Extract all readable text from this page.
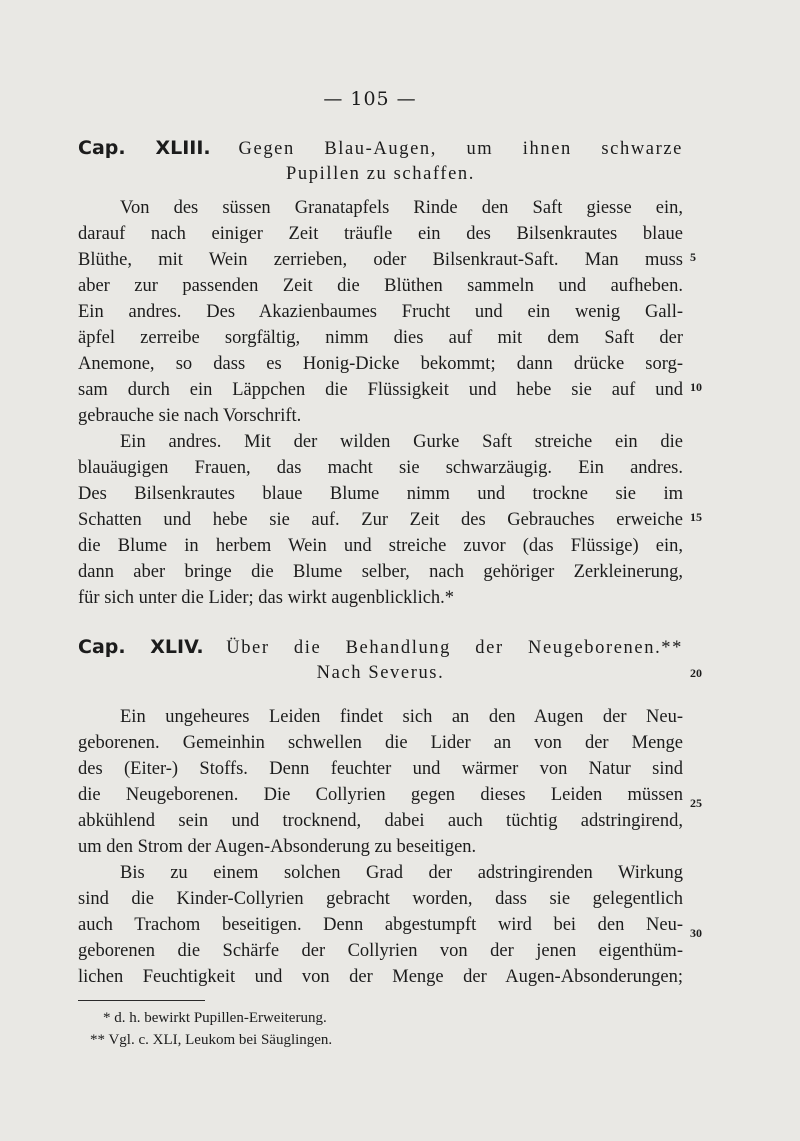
— 105 —
Cap. XLIII. Gegen Blau-Augen, um ihnen schwarze
Pupillen zu schaffen.
Von des süssen Granatapfels Rinde den Saft giesse ein,
darauf nach einiger Zeit träufle ein des Bilsenkrautes blaue
Blüthe, mit Wein zerrieben, oder Bilsenkraut-Saft. Man muss
aber zur passenden Zeit die Blüthen sammeln und aufheben.
Ein andres. Des Akazienbaumes Frucht und ein wenig Gall-
äpfel zerreibe sorgfältig, nimm dies auf mit dem Saft der
Anemone, so dass es Honig-Dicke bekommt; dann drücke sorg-
sam durch ein Läppchen die Flüssigkeit und hebe sie auf und
gebrauche sie nach Vorschrift.
Ein andres. Mit der wilden Gurke Saft streiche ein die
blauäugigen Frauen, das macht sie schwarzäugig. Ein andres.
Des Bilsenkrautes blaue Blume nimm und trockne sie im
Schatten und hebe sie auf. Zur Zeit des Gebrauches erweiche
die Blume in herbem Wein und streiche zuvor (das Flüssige) ein,
dann aber bringe die Blume selber, nach gehöriger Zerkleinerung,
für sich unter die Lider; das wirkt augenblicklich.*
Cap. XLIV. Über die Behandlung der Neugeborenen.**
Nach Severus.
Ein ungeheures Leiden findet sich an den Augen der Neu-
geborenen. Gemeinhin schwellen die Lider an von der Menge
des (Eiter-) Stoffs. Denn feuchter und wärmer von Natur sind
die Neugeborenen. Die Collyrien gegen dieses Leiden müssen
abkühlend sein und trocknend, dabei auch tüchtig adstringirend,
um den Strom der Augen-Absonderung zu beseitigen.
Bis zu einem solchen Grad der adstringirenden Wirkung
sind die Kinder-Collyrien gebracht worden, dass sie gelegentlich
auch Trachom beseitigen. Denn abgestumpft wird bei den Neu-
geborenen die Schärfe der Collyrien von der jenen eigenthüm-
lichen Feuchtigkeit und von der Menge der Augen-Absonderungen;
5
10
15
20
25
30
* d. h. bewirkt Pupillen-Erweiterung.
** Vgl. c. XLI, Leukom bei Säuglingen.
